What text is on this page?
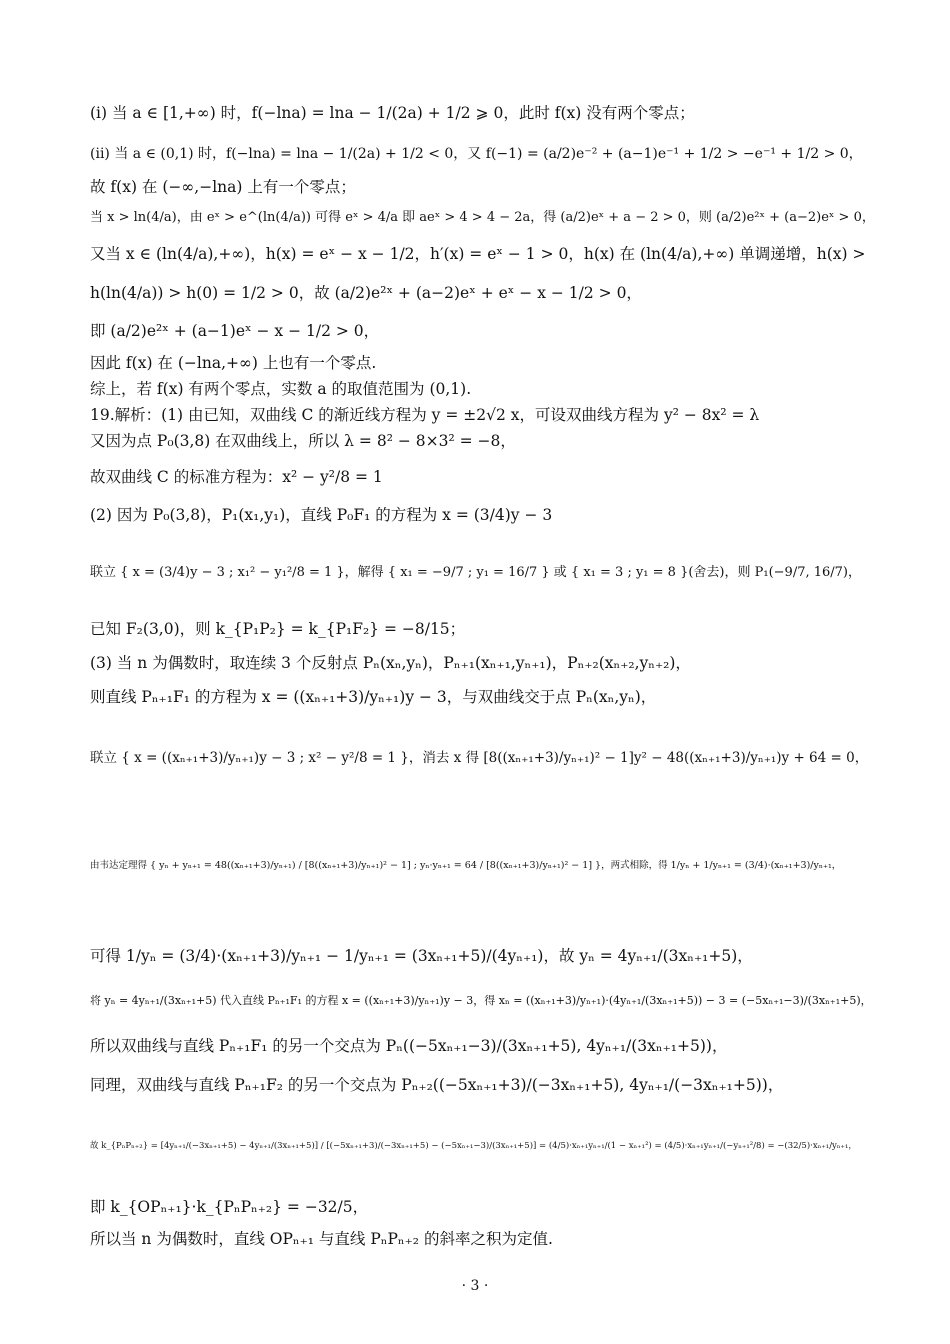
(i) 当 a ∈ [1,+∞) 时，f(−lna) = lna − 1/(2a) + 1/2 ⩾ 0，此时 f(x) 没有两个零点；
(ii) 当 a ∈ (0,1) 时，f(−lna) = lna − 1/(2a) + 1/2 < 0，又 f(−1) = (a/2)e⁻² + (a−1)e⁻¹ + 1/2 > −e⁻¹ + 1/2 > 0，
故 f(x) 在 (−∞,−lna) 上有一个零点；
当 x > ln(4/a)，由 eˣ > e^(ln(4/a)) 可得 eˣ > 4/a 即 aeˣ > 4 > 4 − 2a，得 (a/2)eˣ + a − 2 > 0，则 (a/2)e²ˣ + (a−2)eˣ > 0，
又当 x ∈ (ln(4/a),+∞)，h(x) = eˣ − x − 1/2，h′(x) = eˣ − 1 > 0，h(x) 在 (ln(4/a),+∞) 单调递增，h(x) >
h(ln(4/a)) > h(0) = 1/2 > 0，故 (a/2)e²ˣ + (a−2)eˣ + eˣ − x − 1/2 > 0，
即 (a/2)e²ˣ + (a−1)eˣ − x − 1/2 > 0，
因此 f(x) 在 (−lna,+∞) 上也有一个零点.
综上，若 f(x) 有两个零点，实数 a 的取值范围为 (0,1).
19.解析：(1) 由已知，双曲线 C 的渐近线方程为 y = ±2√2 x，可设双曲线方程为 y² − 8x² = λ
又因为点 P₀(3,8) 在双曲线上，所以 λ = 8² − 8×3² = −8，
故双曲线 C 的标准方程为：x² − y²/8 = 1
(2) 因为 P₀(3,8)，P₁(x₁,y₁)，直线 P₀F₁ 的方程为 x = (3/4)y − 3
联立 { x = (3/4)y − 3 ; x₁² − y₁²/8 = 1 }，解得 { x₁ = −9/7 ; y₁ = 16/7 } 或 { x₁ = 3 ; y₁ = 8 }(舍去)，则 P₁(−9/7, 16/7)，
已知 F₂(3,0)，则 k_{P₁P₂} = k_{P₁F₂} = −8/15；
(3) 当 n 为偶数时，取连续 3 个反射点 Pₙ(xₙ,yₙ)，Pₙ₊₁(xₙ₊₁,yₙ₊₁)，Pₙ₊₂(xₙ₊₂,yₙ₊₂)，
则直线 Pₙ₊₁F₁ 的方程为 x = ((xₙ₊₁+3)/yₙ₊₁)y − 3，与双曲线交于点 Pₙ(xₙ,yₙ)，
联立 { x = ((xₙ₊₁+3)/yₙ₊₁)y − 3 ; x² − y²/8 = 1 }，消去 x 得 [8((xₙ₊₁+3)/yₙ₊₁)² − 1]y² − 48((xₙ₊₁+3)/yₙ₊₁)y + 64 = 0，
由韦达定理得 { yₙ + yₙ₊₁ = 48((xₙ₊₁+3)/yₙ₊₁) / [8((xₙ₊₁+3)/yₙ₊₁)² − 1] ; yₙ·yₙ₊₁ = 64 / [8((xₙ₊₁+3)/yₙ₊₁)² − 1] }，两式相除，得 1/yₙ + 1/yₙ₊₁ = (3/4)·(xₙ₊₁+3)/yₙ₊₁，
可得 1/yₙ = (3/4)·(xₙ₊₁+3)/yₙ₊₁ − 1/yₙ₊₁ = (3xₙ₊₁+5)/(4yₙ₊₁)，故 yₙ = 4yₙ₊₁/(3xₙ₊₁+5)，
将 yₙ = 4yₙ₊₁/(3xₙ₊₁+5) 代入直线 Pₙ₊₁F₁ 的方程 x = ((xₙ₊₁+3)/yₙ₊₁)y − 3，得 xₙ = ((xₙ₊₁+3)/yₙ₊₁)·(4yₙ₊₁/(3xₙ₊₁+5)) − 3 = (−5xₙ₊₁−3)/(3xₙ₊₁+5)，
所以双曲线与直线 Pₙ₊₁F₁ 的另一个交点为 Pₙ((−5xₙ₊₁−3)/(3xₙ₊₁+5), 4yₙ₊₁/(3xₙ₊₁+5))，
同理，双曲线与直线 Pₙ₊₁F₂ 的另一个交点为 Pₙ₊₂((−5xₙ₊₁+3)/(−3xₙ₊₁+5), 4yₙ₊₁/(−3xₙ₊₁+5))，
故 k_{PₙPₙ₊₂} = [4yₙ₊₁/(−3xₙ₊₁+5) − 4yₙ₊₁/(3xₙ₊₁+5)] / [(−5xₙ₊₁+3)/(−3xₙ₊₁+5) − (−5xₙ₊₁−3)/(3xₙ₊₁+5)] = (4/5)·xₙ₊₁yₙ₊₁/(1 − xₙ₊₁²) = (4/5)·xₙ₊₁yₙ₊₁/(−yₙ₊₁²/8) = −(32/5)·xₙ₊₁/yₙ₊₁，
即 k_{OPₙ₊₁}·k_{PₙPₙ₊₂} = −32/5，
所以当 n 为偶数时，直线 OPₙ₊₁ 与直线 PₙPₙ₊₂ 的斜率之积为定值.
· 3 ·
